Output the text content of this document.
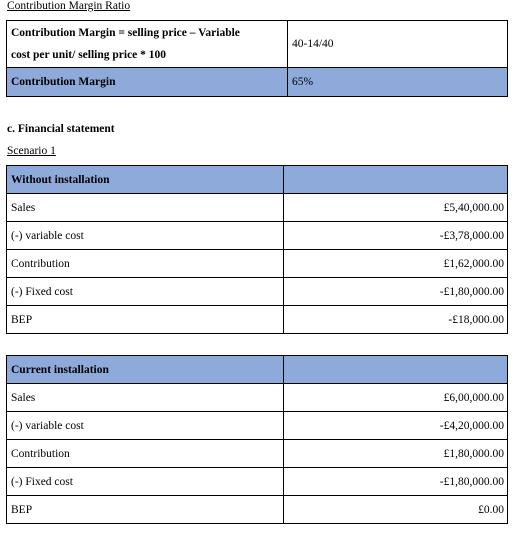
Contribution Margin Ratio
Contribution Margin = selling price – Variable
cost per unit/ selling price * 100	40-14/40
Contribution Margin	65%
c. Financial statement
Scenario 1
Without installation	
Sales	£5,40,000.00
(-) variable cost	-£3,78,000.00
Contribution	£1,62,000.00
(-) Fixed cost	-£1,80,000.00
BEP	-£18,000.00
Current installation	
Sales	£6,00,000.00
(-) variable cost	-£4,20,000.00
Contribution	£1,80,000.00
(-) Fixed cost	-£1,80,000.00
BEP	£0.00
